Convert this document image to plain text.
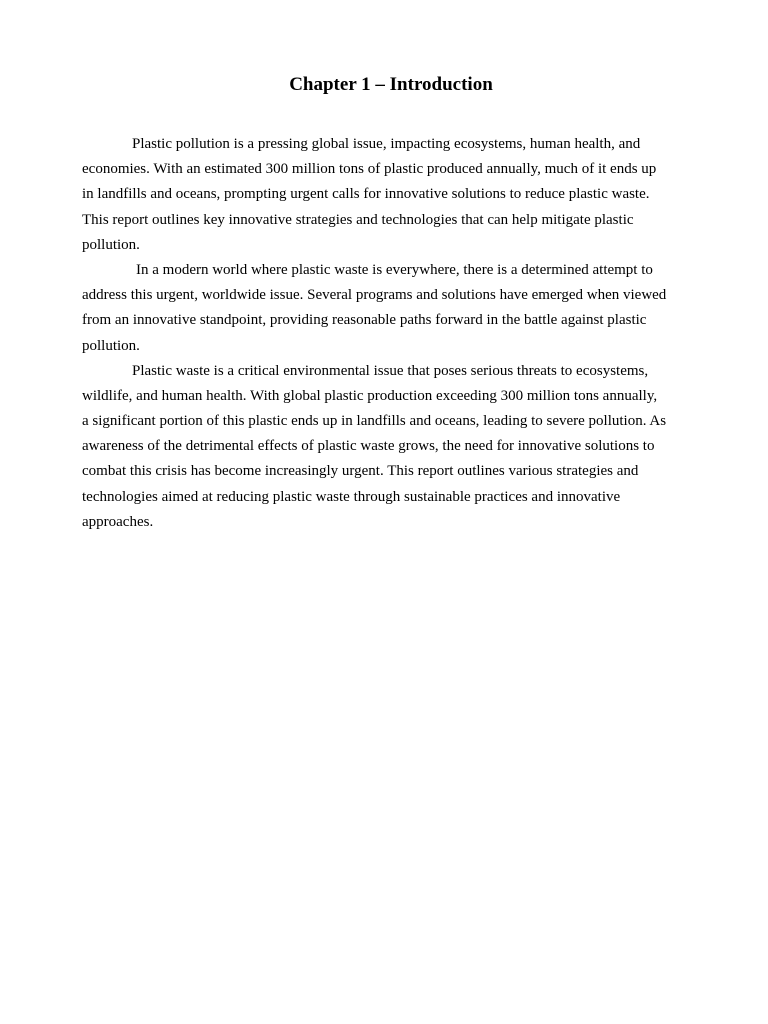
Chapter 1 – Introduction

Plastic pollution is a pressing global issue, impacting ecosystems, human health, and
economies. With an estimated 300 million tons of plastic produced annually, much of it ends up
in landfills and oceans, prompting urgent calls for innovative solutions to reduce plastic waste.
This report outlines key innovative strategies and technologies that can help mitigate plastic
pollution.

In a modern world where plastic waste is everywhere, there is a determined attempt to
address this urgent, worldwide issue. Several programs and solutions have emerged when viewed
from an innovative standpoint, providing reasonable paths forward in the battle against plastic
pollution.

Plastic waste is a critical environmental issue that poses serious threats to ecosystems,
wildlife, and human health. With global plastic production exceeding 300 million tons annually,
a significant portion of this plastic ends up in landfills and oceans, leading to severe pollution. As
awareness of the detrimental effects of plastic waste grows, the need for innovative solutions to
combat this crisis has become increasingly urgent. This report outlines various strategies and
technologies aimed at reducing plastic waste through sustainable practices and innovative
approaches.
